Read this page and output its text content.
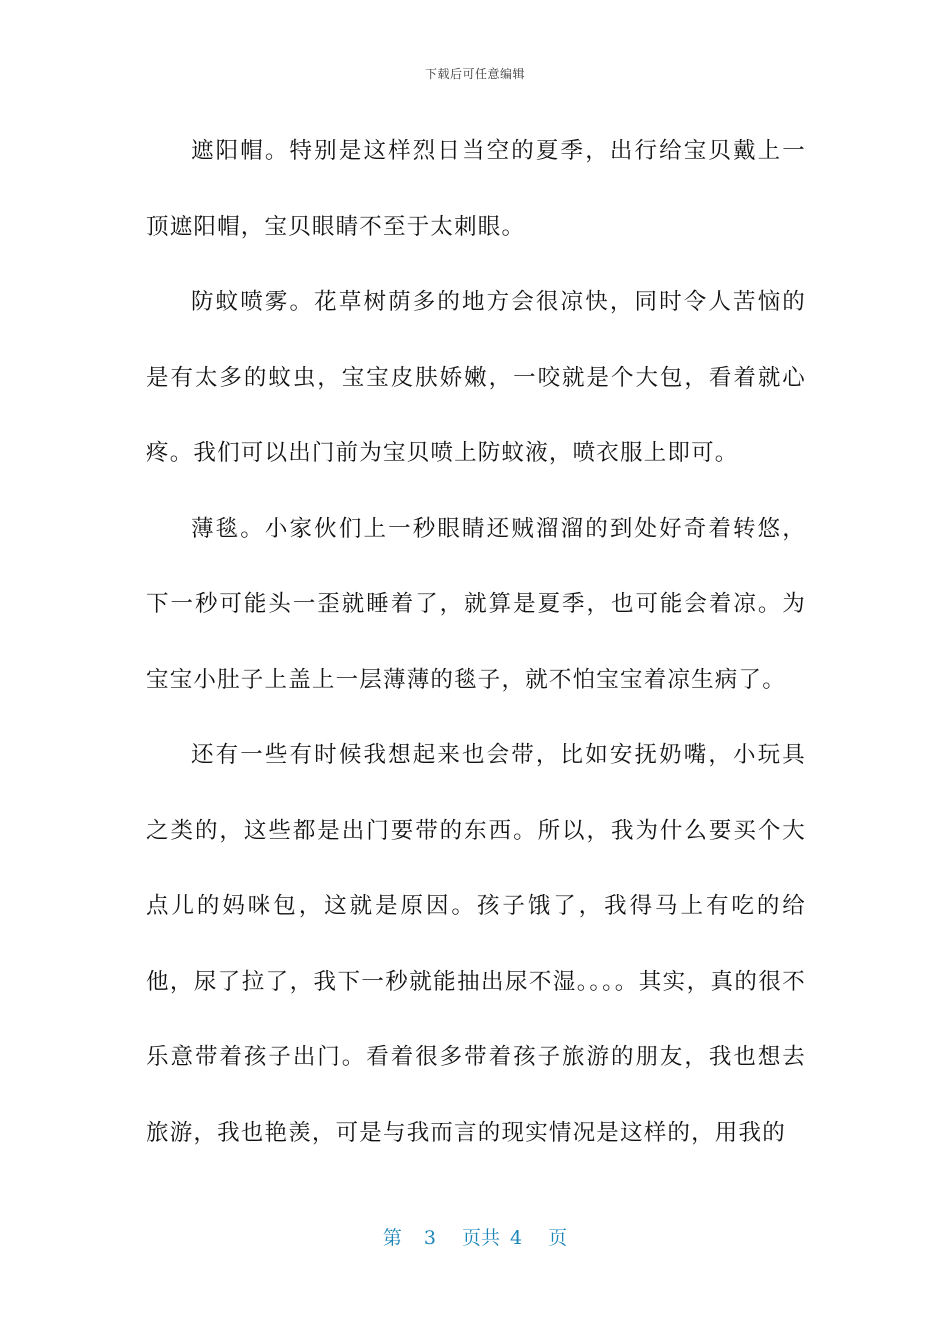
下载后可任意编辑

遮阳帽。特别是这样烈日当空的夏季，出行给宝贝戴上一顶遮阳帽，宝贝眼睛不至于太刺眼。

防蚊喷雾。花草树荫多的地方会很凉快，同时令人苦恼的是有太多的蚊虫，宝宝皮肤娇嫩，一咬就是个大包，看着就心疼。我们可以出门前为宝贝喷上防蚊液，喷衣服上即可。

薄毯。小家伙们上一秒眼睛还贼溜溜的到处好奇着转悠，下一秒可能头一歪就睡着了，就算是夏季，也可能会着凉。为宝宝小肚子上盖上一层薄薄的毯子，就不怕宝宝着凉生病了。

还有一些有时候我想起来也会带，比如安抚奶嘴，小玩具之类的，这些都是出门要带的东西。所以，我为什么要买个大点儿的妈咪包，这就是原因。孩子饿了，我得马上有吃的给他，尿了拉了，我下一秒就能抽出尿不湿。。。。其实，真的很不乐意带着孩子出门。看着很多带着孩子旅游的朋友，我也想去旅游，我也艳羡，可是与我而言的现实情况是这样的，用我的

第 3 页共 4 页
